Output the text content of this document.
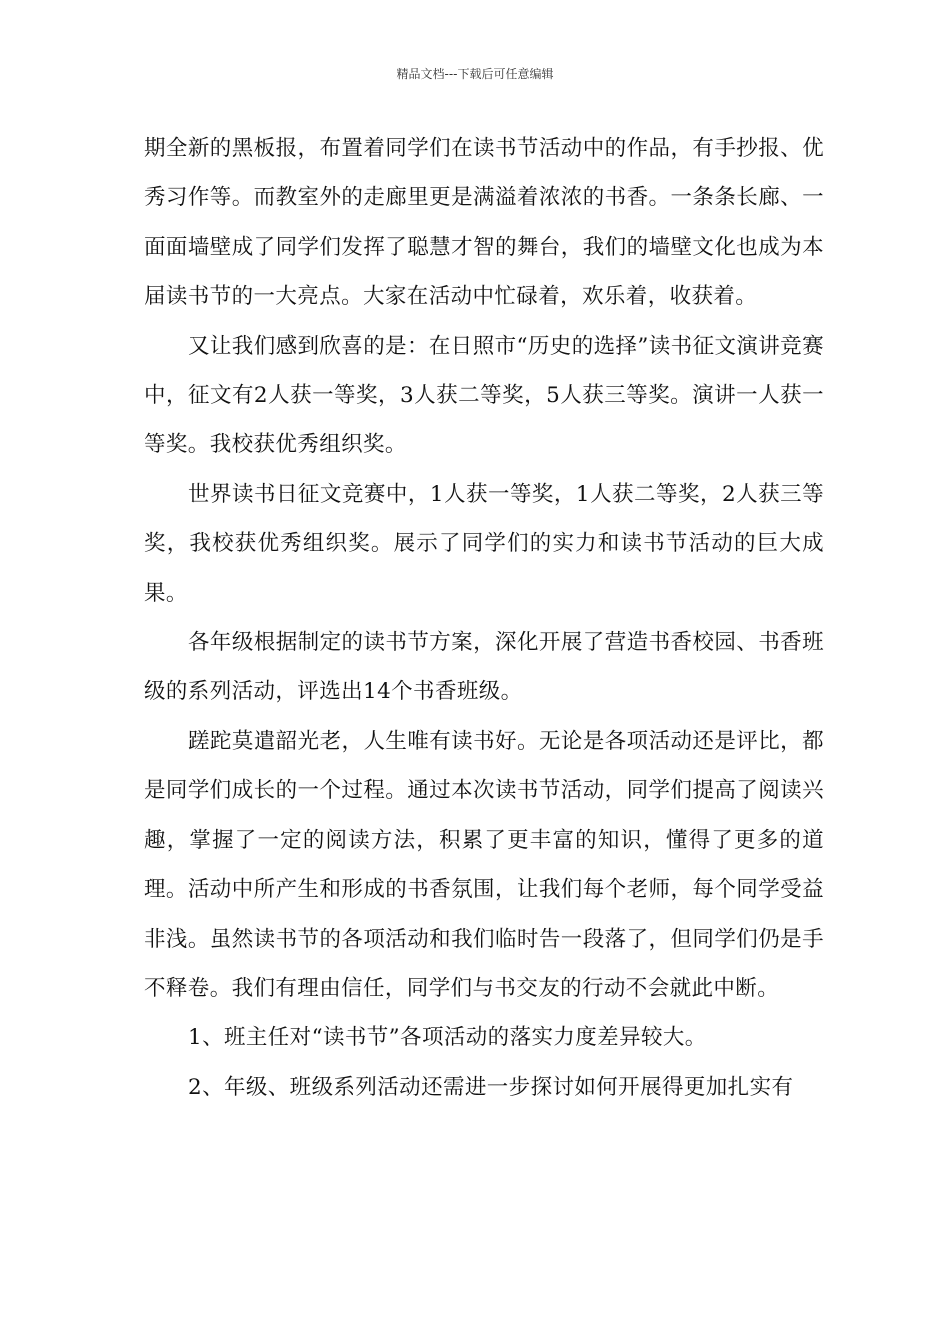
精品文档---下载后可任意编辑

期全新的黑板报，布置着同学们在读书节活动中的作品，有手抄报、优秀习作等。而教室外的走廊里更是满溢着浓浓的书香。一条条长廊、一面面墙壁成了同学们发挥了聪慧才智的舞台，我们的墙壁文化也成为本届读书节的一大亮点。大家在活动中忙碌着，欢乐着，收获着。

又让我们感到欣喜的是：在日照市“历史的选择”读书征文演讲竞赛中，征文有2人获一等奖，3人获二等奖，5人获三等奖。演讲一人获一等奖。我校获优秀组织奖。

世界读书日征文竞赛中，1人获一等奖，1人获二等奖，2人获三等奖，我校获优秀组织奖。展示了同学们的实力和读书节活动的巨大成果。

各年级根据制定的读书节方案，深化开展了营造书香校园、书香班级的系列活动，评选出14个书香班级。

蹉跎莫遣韶光老，人生唯有读书好。无论是各项活动还是评比，都是同学们成长的一个过程。通过本次读书节活动，同学们提高了阅读兴趣，掌握了一定的阅读方法，积累了更丰富的知识，懂得了更多的道理。活动中所产生和形成的书香氛围，让我们每个老师，每个同学受益非浅。虽然读书节的各项活动和我们临时告一段落了，但同学们仍是手不释卷。我们有理由信任，同学们与书交友的行动不会就此中断。

1、班主任对“读书节”各项活动的落实力度差异较大。

2、年级、班级系列活动还需进一步探讨如何开展得更加扎实有
